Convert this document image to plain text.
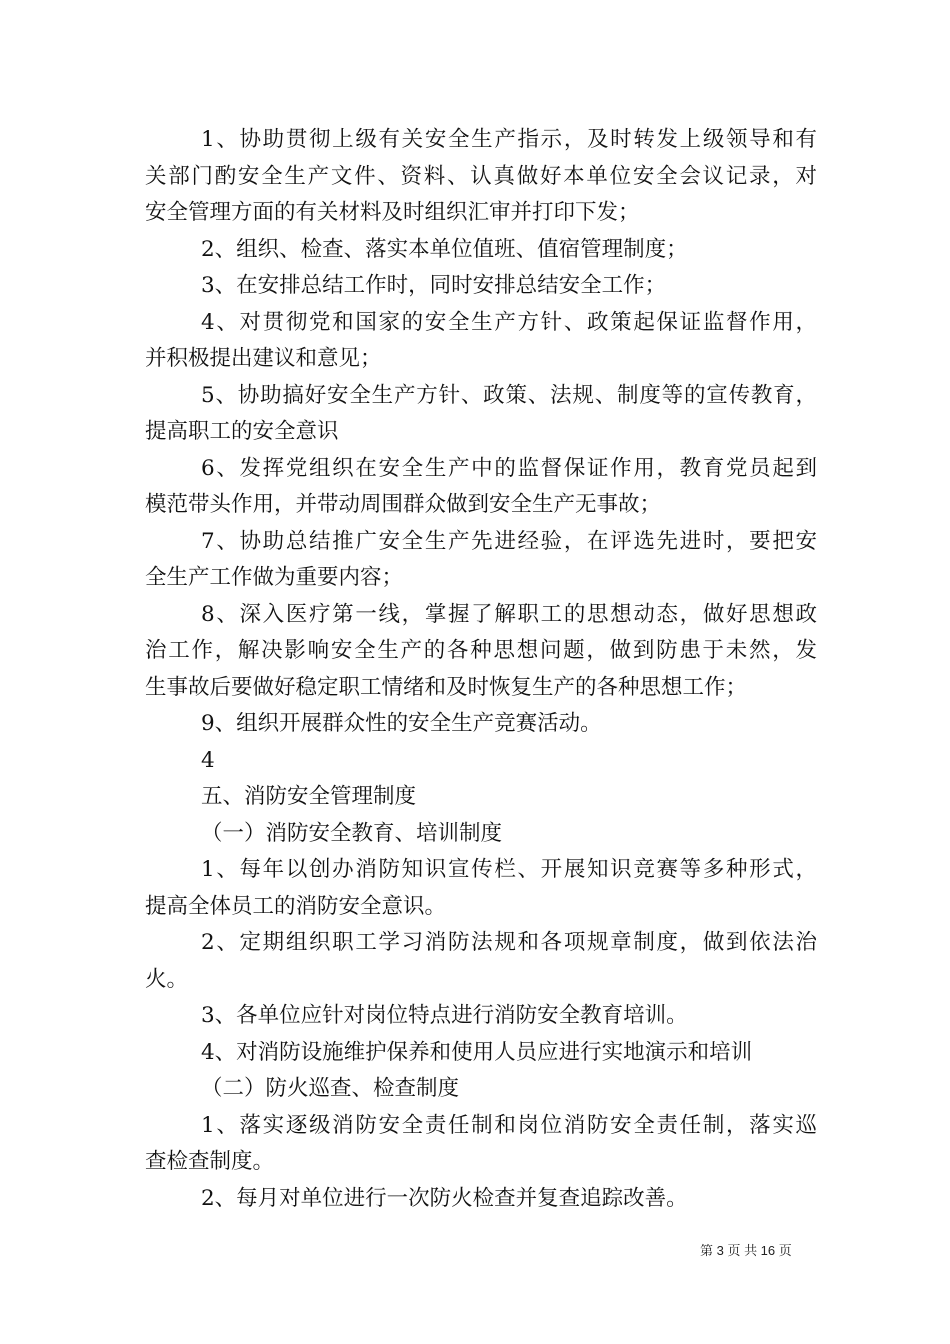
1、协助贯彻上级有关安全生产指示，及时转发上级领导和有
关部门酌安全生产文件、资料、认真做好本单位安全会议记录，对
安全管理方面的有关材料及时组织汇审并打印下发；
2、组织、检查、落实本单位值班、值宿管理制度；
3、在安排总结工作时，同时安排总结安全工作；
4、对贯彻党和国家的安全生产方针、政策起保证监督作用，
并积极提出建议和意见；
5、协助搞好安全生产方针、政策、法规、制度等的宣传教育，
提高职工的安全意识
6、发挥党组织在安全生产中的监督保证作用，教育党员起到
模范带头作用，并带动周围群众做到安全生产无事故；
7、协助总结推广安全生产先进经验，在评选先进时，要把安
全生产工作做为重要内容；
8、深入医疗第一线，掌握了解职工的思想动态，做好思想政
治工作，解决影响安全生产的各种思想问题，做到防患于未然，发
生事故后要做好稳定职工情绪和及时恢复生产的各种思想工作；
9、组织开展群众性的安全生产竞赛活动。
4
五、消防安全管理制度
（一）消防安全教育、培训制度
1、每年以创办消防知识宣传栏、开展知识竞赛等多种形式，
提高全体员工的消防安全意识。
2、定期组织职工学习消防法规和各项规章制度，做到依法治
火。
3、各单位应针对岗位特点进行消防安全教育培训。
4、对消防设施维护保养和使用人员应进行实地演示和培训
（二）防火巡查、检查制度
1、落实逐级消防安全责任制和岗位消防安全责任制，落实巡
查检查制度。
2、每月对单位进行一次防火检查并复查追踪改善。
第 3 页 共 16 页
